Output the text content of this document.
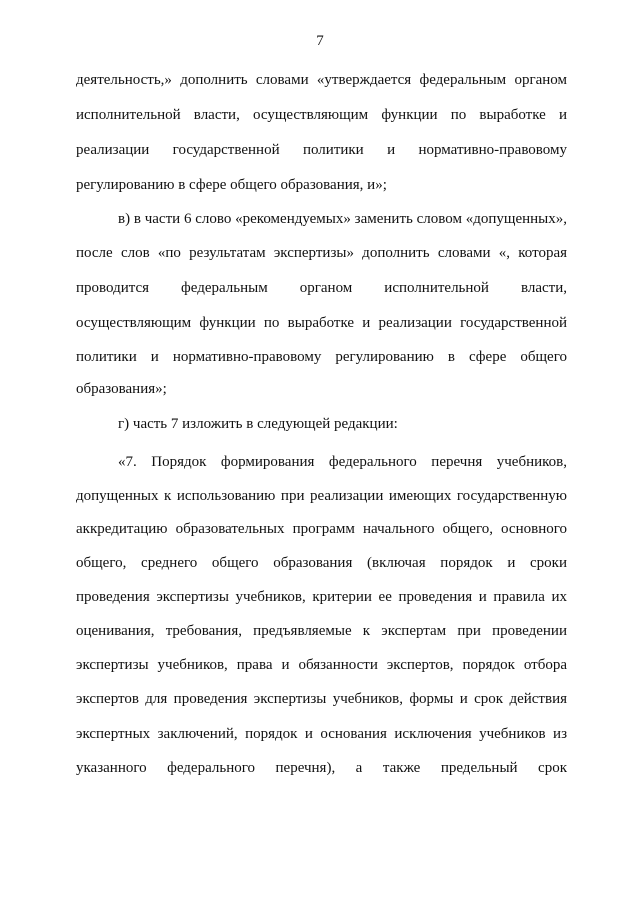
7
деятельность,» дополнить словами «утверждается федеральным органом
исполнительной власти, осуществляющим функции по выработке и
реализации государственной политики и нормативно-правовому
регулированию в сфере общего образования, и»;
в) в части 6 слово «рекомендуемых» заменить словом «допущенных»,
после слов «по результатам экспертизы» дополнить словами «, которая
проводится федеральным органом исполнительной власти,
осуществляющим функции по выработке и реализации государственной
политики и нормативно-правовому регулированию в сфере общего
образования»;
г) часть 7 изложить в следующей редакции:
«7. Порядок формирования федерального перечня учебников,
допущенных к использованию при реализации имеющих государственную
аккредитацию образовательных программ начального общего, основного
общего, среднего общего образования (включая порядок и сроки
проведения экспертизы учебников, критерии ее проведения и правила их
оценивания, требования, предъявляемые к экспертам при проведении
экспертизы учебников, права и обязанности экспертов, порядок отбора
экспертов для проведения экспертизы учебников, формы и срок действия
экспертных заключений, порядок и основания исключения учебников из
указанного федерального перечня), а также предельный срок
